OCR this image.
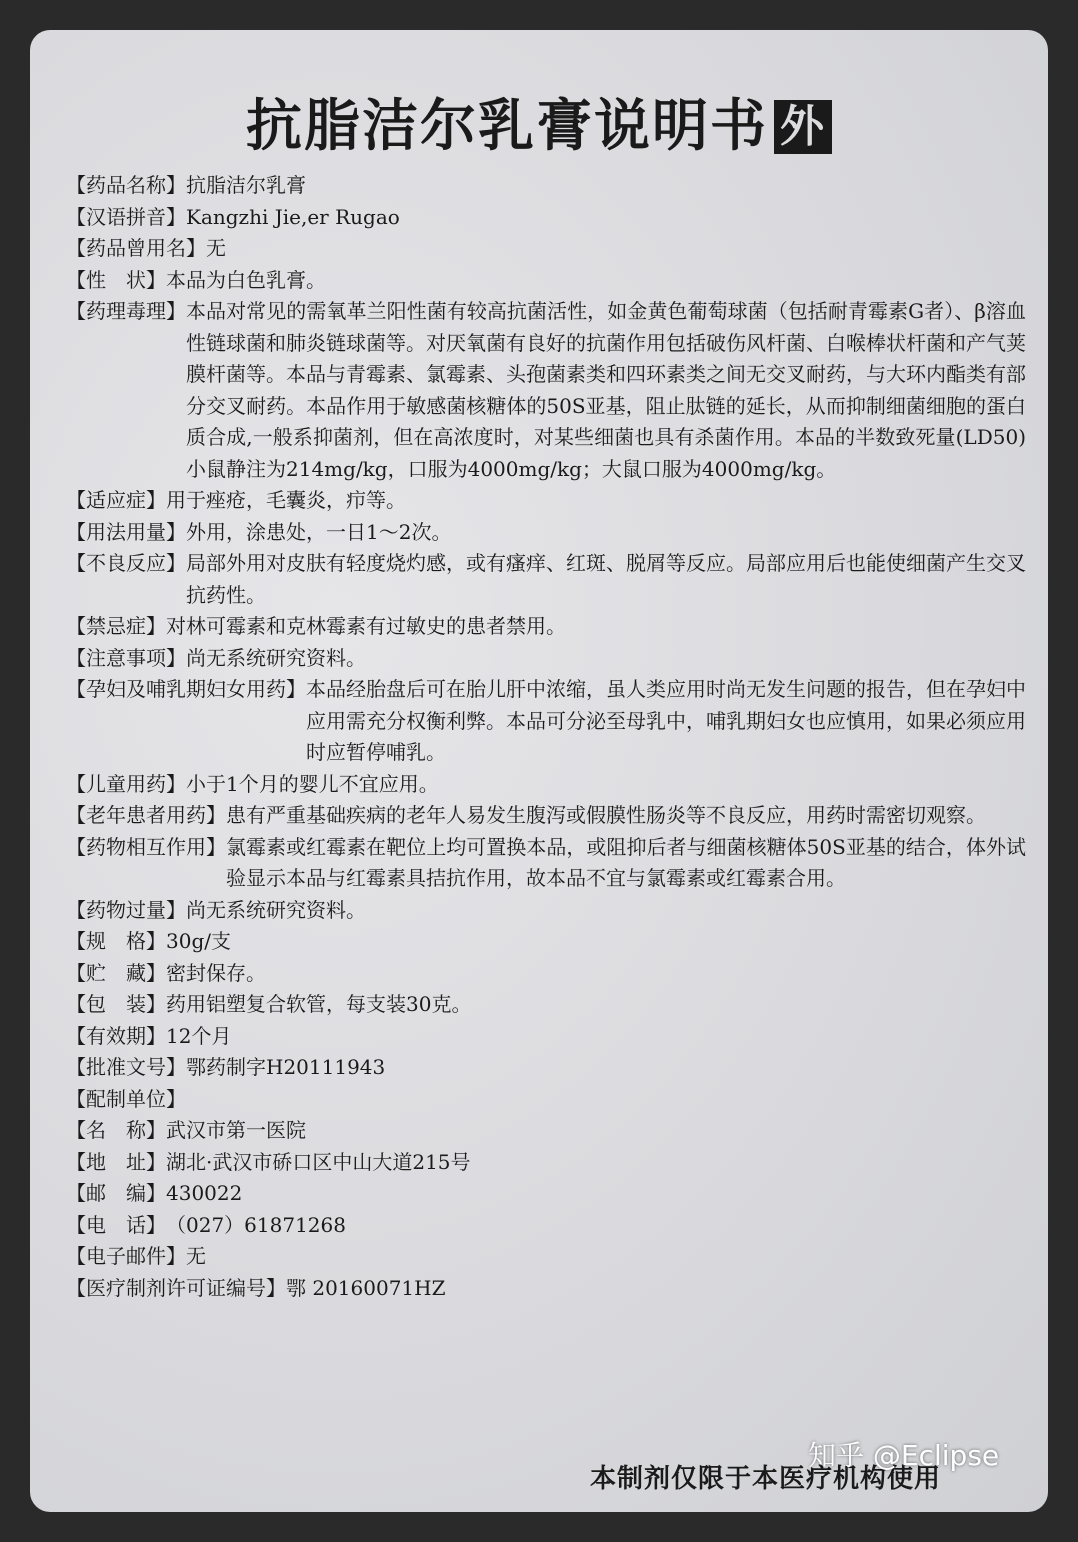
抗脂洁尔乳膏说明书 外
【药品名称】 抗脂洁尔乳膏
【汉语拼音】 Kangzhi Jie,er Rugao
【药品曾用名】 无
【性　状】 本品为白色乳膏。
【药理毒理】 本品对常见的需氧革兰阳性菌有较高抗菌活性，如金黄色葡萄球菌（包括耐青霉素G者）、β溶血性链球菌和肺炎链球菌等。对厌氧菌有良好的抗菌作用包括破伤风杆菌、白喉棒状杆菌和产气荚膜杆菌等。本品与青霉素、氯霉素、头孢菌素类和四环素类之间无交叉耐药，与大环内酯类有部分交叉耐药。本品作用于敏感菌核糖体的50S亚基，阻止肽链的延长，从而抑制细菌细胞的蛋白质合成,一般系抑菌剂，但在高浓度时，对某些细菌也具有杀菌作用。本品的半数致死量(LD50)小鼠静注为214mg/kg，口服为4000mg/kg；大鼠口服为4000mg/kg。
【适应症】 用于痤疮，毛囊炎，疖等。
【用法用量】 外用，涂患处，一日1～2次。
【不良反应】 局部外用对皮肤有轻度烧灼感，或有瘙痒、红斑、脱屑等反应。局部应用后也能使细菌产生交叉抗药性。
【禁忌症】 对林可霉素和克林霉素有过敏史的患者禁用。
【注意事项】 尚无系统研究资料。
【孕妇及哺乳期妇女用药】 本品经胎盘后可在胎儿肝中浓缩，虽人类应用时尚无发生问题的报告，但在孕妇中应用需充分权衡利弊。本品可分泌至母乳中，哺乳期妇女也应慎用，如果必须应用时应暂停哺乳。
【儿童用药】 小于1个月的婴儿不宜应用。
【老年患者用药】 患有严重基础疾病的老年人易发生腹泻或假膜性肠炎等不良反应，用药时需密切观察。
【药物相互作用】 氯霉素或红霉素在靶位上均可置换本品，或阻抑后者与细菌核糖体50S亚基的结合，体外试验显示本品与红霉素具拮抗作用，故本品不宜与氯霉素或红霉素合用。
【药物过量】 尚无系统研究资料。
【规　格】 30g/支
【贮　藏】 密封保存。
【包　装】 药用铝塑复合软管，每支装30克。
【有效期】 12个月
【批准文号】 鄂药制字H20111943
【配制单位】
【名　称】 武汉市第一医院
【地　址】 湖北·武汉市硚口区中山大道215号
【邮　编】 430022
【电　话】 （027）61871268
【电子邮件】 无
【医疗制剂许可证编号】 鄂 20160071HZ
本制剂仅限于本医疗机构使用
知乎 @Eclipse
